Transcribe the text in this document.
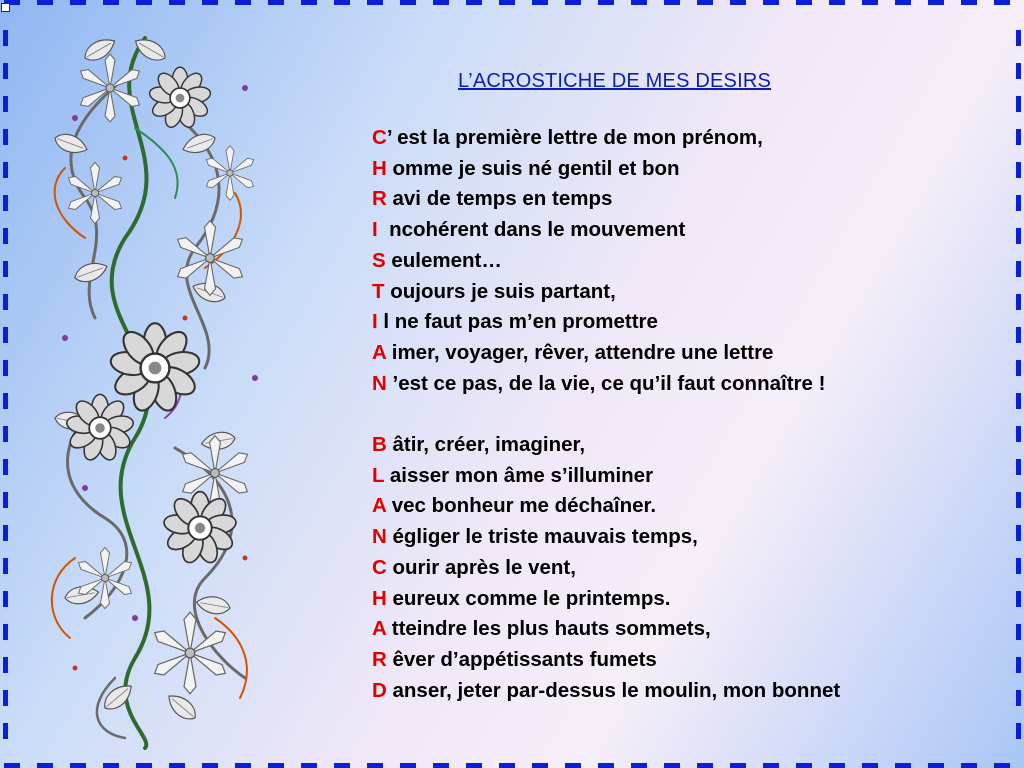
L’ACROSTICHE DE MES DESIRS
C’ est la première lettre de mon prénom,
H omme je suis né gentil et bon
R avi de temps en temps
I  ncohérent dans le mouvement
S eulement…
T oujours je suis partant,
I l ne faut pas m’en promettre
A imer, voyager, rêver, attendre une lettre
N ’est ce pas, de la vie, ce qu’il faut connaître !
B âtir, créer, imaginer,
L aisser mon âme s’illuminer
A vec bonheur me déchaîner.
N égliger le triste mauvais temps,
C ourir après le vent,
H eureux comme le printemps.
A tteindre les plus hauts sommets,
R êver d’appétissants fumets
D anser, jeter par-dessus le moulin, mon bonnet
